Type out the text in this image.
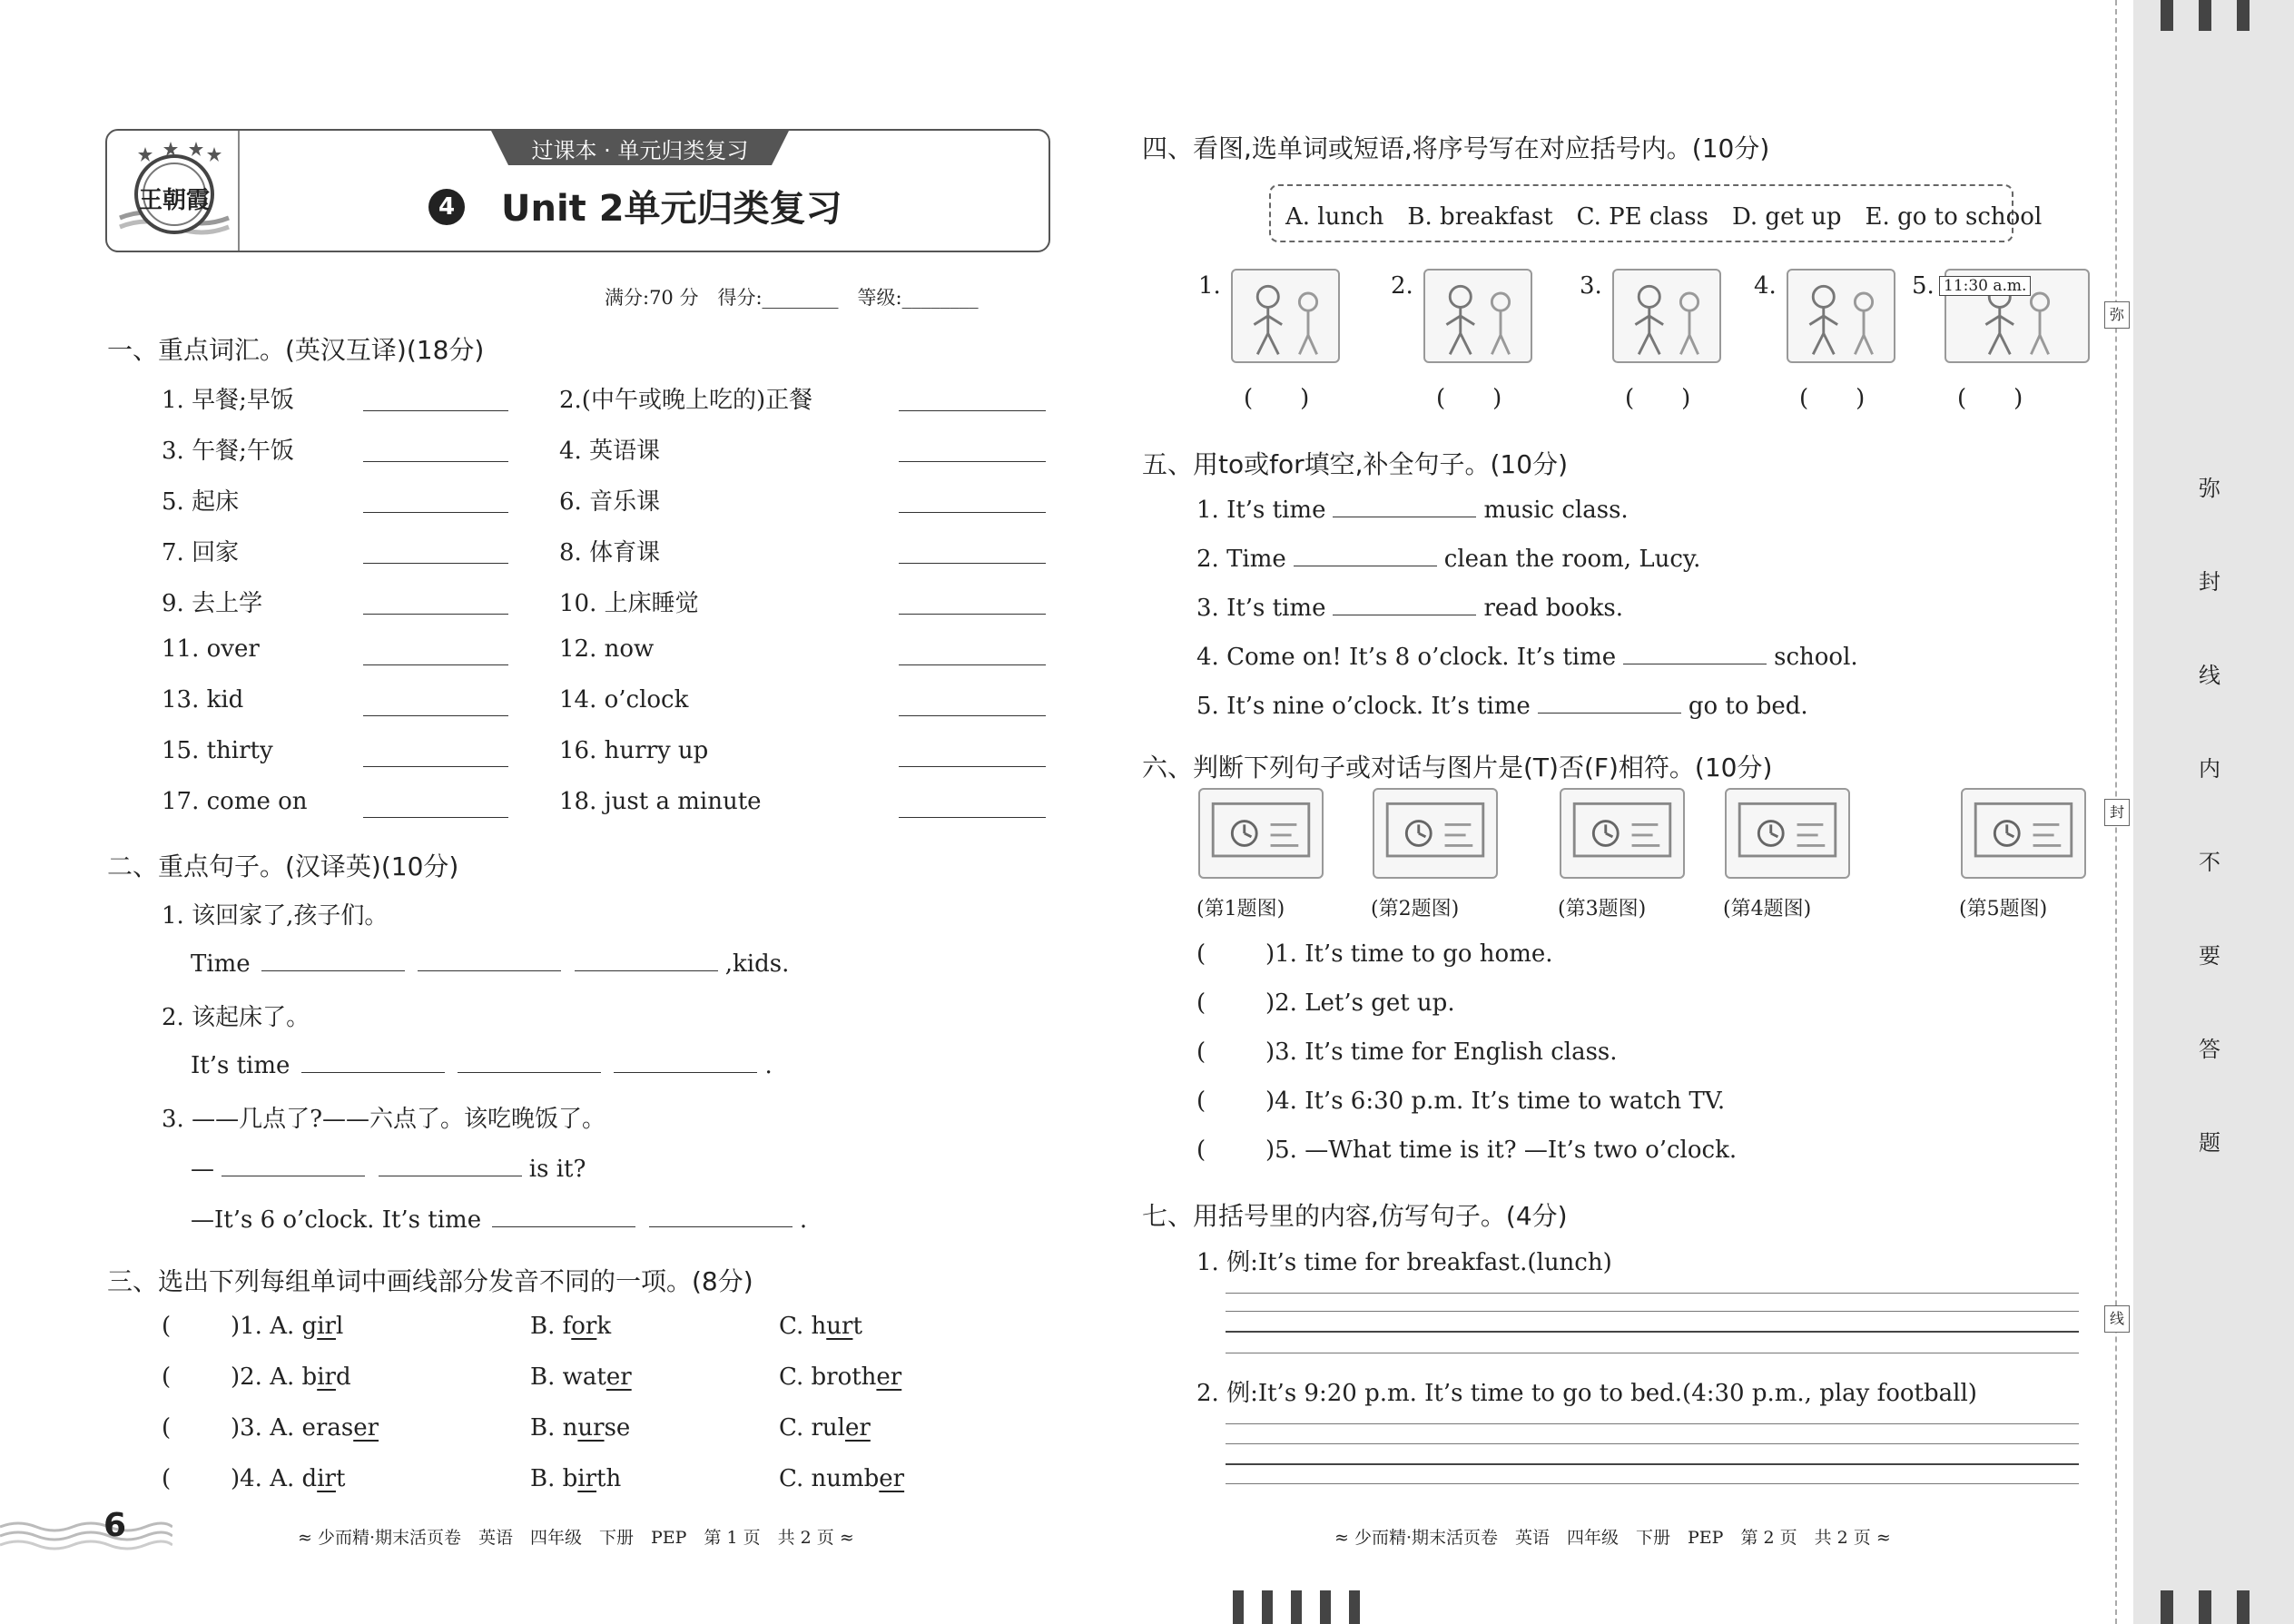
王朝霞
过课本 · 单元归类复习
4 Unit 2单元归类复习
满分:70 分　得分:________　等级:________
一、重点词汇。(英汉互译)(18分)
1. 早餐;早饭	2.(中午或晚上吃的)正餐
3. 午餐;午饭	4. 英语课
5. 起床	6. 音乐课
7. 回家	8. 体育课
9. 去上学	10. 上床睡觉
11. over	12. now
13. kid	14. o’clock
15. thirty	16. hurry up
17. come on	18. just a minute
二、重点句子。(汉译英)(10分)
1. 该回家了,孩子们。
Time	,kids.
2. 该起床了。
It’s time	.
3. ——几点了?——六点了。该吃晚饭了。
—	is it?
—It’s 6 o’clock. It’s time	.
三、选出下列每组单词中画线部分发音不同的一项。(8分)
(	)1. A. girl	B. fork	C. hurt
(	)2. A. bird	B. water	C. brother
(	)3. A. eraser	B. nurse	C. ruler
(	)4. A. dirt	B. birth	C. number
6	≈ 少而精·期末活页卷　英语　四年级　下册　PEP　第 1 页　共 2 页 ≈
四、看图,选单词或短语,将序号写在对应括号内。(10分)
A. lunch　B. breakfast　C. PE class　D. get up　E. go to school
1.
(　　)
2.
(　　)
3.
(　　)
4.
(　　)
5.
(　　)
11:30 a.m.
五、用to或for填空,补全句子。(10分)
1. It’s time	music class.
2. Time	clean the room, Lucy.
3. It’s time	read books.
4. Come on! It’s 8 o’clock. It’s time	school.
5. It’s nine o’clock. It’s time	go to bed.
六、判断下列句子或对话与图片是(T)否(F)相符。(10分)
(第1题图)	(第2题图)	(第3题图)	(第4题图)	(第5题图)
(	)1. It’s time to go home.
(	)2. Let’s get up.
(	)3. It’s time for English class.
(	)4. It’s 6:30 p.m. It’s time to watch TV.
(	)5. —What time is it? —It’s two o’clock.
七、用括号里的内容,仿写句子。(4分)
1. 例:It’s time for breakfast.(lunch)
2. 例:It’s 9:20 p.m. It’s time to go to bed.(4:30 p.m., play football)
≈ 少而精·期末活页卷　英语　四年级　下册　PEP　第 2 页　共 2 页 ≈
弥
封
线
内
不
要
答
题
弥
封
线
